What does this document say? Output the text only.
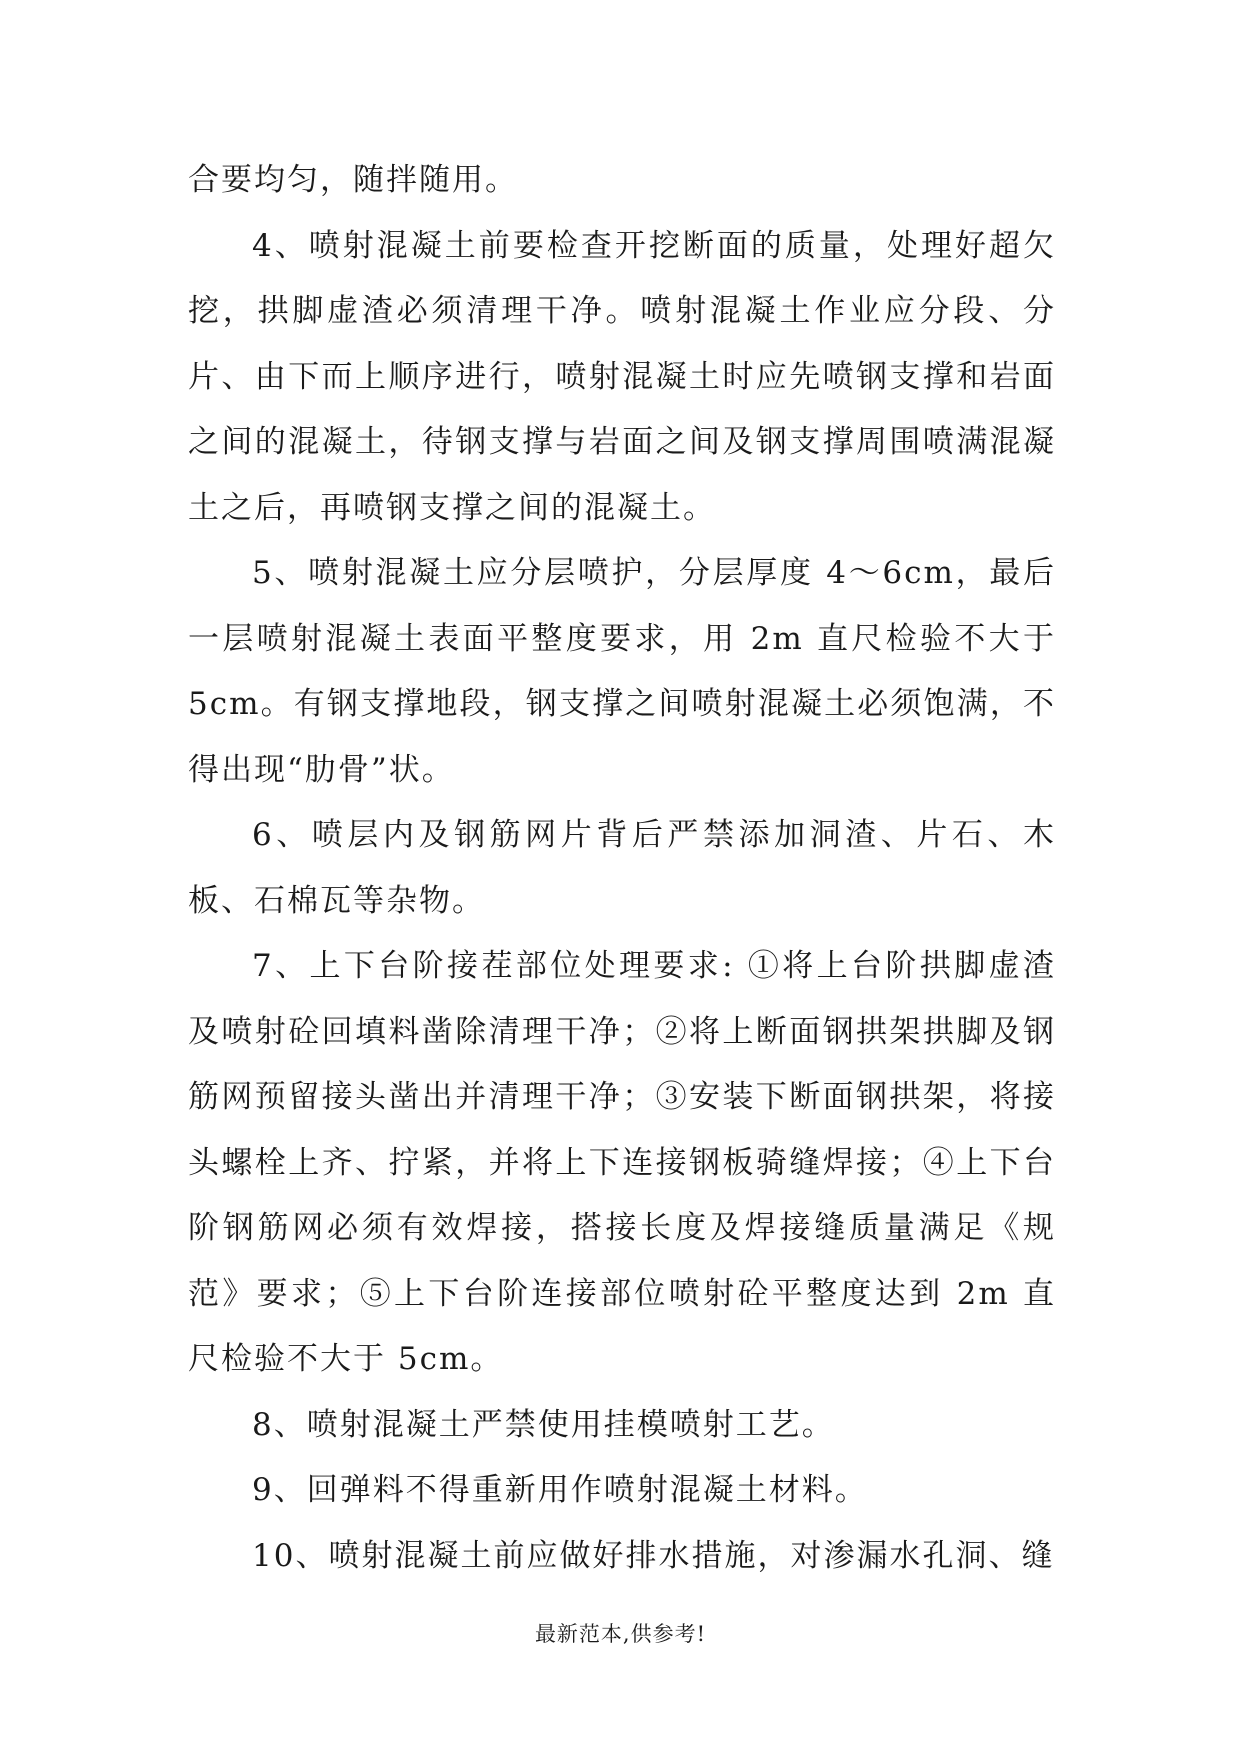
合要均匀，随拌随用。

4、喷射混凝土前要检查开挖断面的质量，处理好超欠挖，拱脚虚渣必须清理干净。喷射混凝土作业应分段、分片、由下而上顺序进行，喷射混凝土时应先喷钢支撑和岩面之间的混凝土，待钢支撑与岩面之间及钢支撑周围喷满混凝土之后，再喷钢支撑之间的混凝土。

5、喷射混凝土应分层喷护，分层厚度 4～6cm，最后一层喷射混凝土表面平整度要求，用 2m 直尺检验不大于 5cm。有钢支撑地段，钢支撑之间喷射混凝土必须饱满，不得出现“肋骨”状。

6、喷层内及钢筋网片背后严禁添加洞渣、片石、木板、石棉瓦等杂物。

7、上下台阶接茬部位处理要求: ①将上台阶拱脚虚渣及喷射砼回填料凿除清理干净；②将上断面钢拱架拱脚及钢筋网预留接头凿出并清理干净；③安装下断面钢拱架，将接头螺栓上齐、拧紧，并将上下连接钢板骑缝焊接；④上下台阶钢筋网必须有效焊接，搭接长度及焊接缝质量满足《规范》要求；⑤上下台阶连接部位喷射砼平整度达到 2m 直尺检验不大于 5cm。

8、喷射混凝土严禁使用挂模喷射工艺。

9、回弹料不得重新用作喷射混凝土材料。

10、喷射混凝土前应做好排水措施，对渗漏水孔洞、缝

最新范本,供参考!
